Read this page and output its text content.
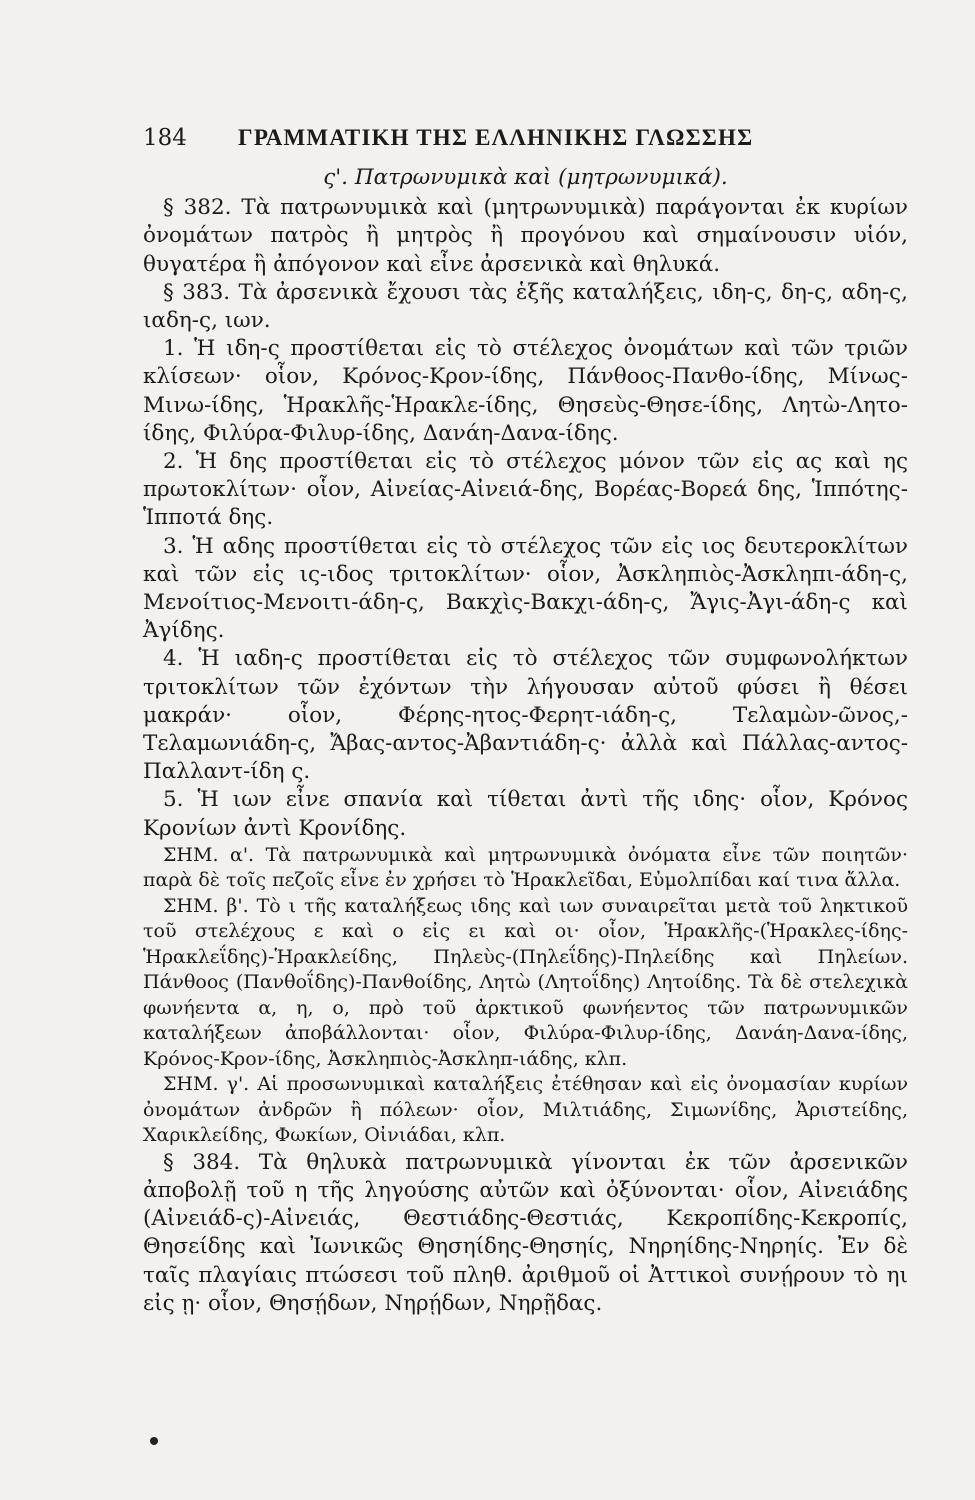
184	ΓΡΑΜΜΑΤΙΚΗ ΤΗΣ ΕΛΛΗΝΙΚΗΣ ΓΛΩΣΣΗΣ
ς'. Πατρωνυμικὰ καὶ (μητρωνυμικά).

§ 382. Τὰ πατρωνυμικὰ καὶ (μητρωνυμικὰ) παράγονται ἐκ κυρίων ὀνομάτων πατρὸς ἢ μητρὸς ἢ προγόνου καὶ σημαίνουσιν υἱόν, θυγατέρα ἢ ἀπόγονον καὶ εἶνε ἀρσενικὰ καὶ θηλυκά.

§ 383. Τὰ ἀρσενικὰ ἔχουσι τὰς ἑξῆς καταλήξεις, ιδη-ς, δη-ς, αδη-ς, ιαδη-ς, ιων.

1. Ἡ ιδη-ς προστίθεται εἰς τὸ στέλεχος ὀνομάτων καὶ τῶν τριῶν κλίσεων· οἷον, Κρόνος-Κρον-ίδης, Πάνθοος-Πανθο-ίδης, Μίνως-Μινω-ίδης, Ἡρακλῆς-Ἡρακλε-ίδης, Θησεὺς-Θησε-ίδης, Λητὼ-Λητο-ίδης, Φιλύρα-Φιλυρ-ίδης, Δανάη-Δανα-ίδης.

2. Ἡ δης προστίθεται εἰς τὸ στέλεχος μόνον τῶν εἰς ας καὶ ης πρωτοκλίτων· οἷον, Αἰνείας-Αἰνειά-δης, Βορέας-Βορεά δης, Ἱππότης-Ἱπποτά δης.

3. Ἡ αδης προστίθεται εἰς τὸ στέλεχος τῶν εἰς ιος δευτεροκλίτων καὶ τῶν εἰς ις-ιδος τριτοκλίτων· οἷον, Ἀσκληπιὸς-Ἀσκληπι-άδη-ς, Μενοίτιος-Μενοιτι-άδη-ς, Βακχὶς-Βακχι-άδη-ς, Ἄγις-Ἀγι-άδη-ς καὶ Ἀγίδης.

4. Ἡ ιαδη-ς προστίθεται εἰς τὸ στέλεχος τῶν συμφωνολήκτων τριτοκλίτων τῶν ἐχόντων τὴν λήγουσαν αὐτοῦ φύσει ἢ θέσει μακράν· οἷον, Φέρης-ητος-Φερητ-ιάδη-ς, Τελαμὼν-ῶνος,-Τελαμωνιάδη-ς, Ἄβας-αντος-Ἀβαντιάδη-ς· ἀλλὰ καὶ Πάλλας-αντος-Παλλαντ-ίδη ς.

5. Ἡ ιων εἶνε σπανία καὶ τίθεται ἀντὶ τῆς ιδης· οἷον, Κρόνος Κρονίων ἀντὶ Κρονίδης.

ΣΗΜ. α'. Τὰ πατρωνυμικὰ καὶ μητρωνυμικὰ ὀνόματα εἶνε τῶν ποιητῶν· παρὰ δὲ τοῖς πεζοῖς εἶνε ἐν χρήσει τὸ Ἡρακλεῖδαι, Εὐμολπίδαι καί τινα ἄλλα.

ΣΗΜ. β'. Τὸ ι τῆς καταλήξεως ιδης καὶ ιων συναιρεῖται μετὰ τοῦ ληκτικοῦ τοῦ στελέχους ε καὶ ο εἰς ει καὶ οι· οἷον, Ἡρακλῆς-(Ἡρακλες-ίδης-Ἡρακλεΐδης)-Ἡρακλείδης, Πηλεὺς-(Πηλεΐδης)-Πηλείδης καὶ Πηλείων. Πάνθοος (Πανθοΐδης)-Πανθοίδης, Λητὼ (Λητοΐδης) Λητοίδης. Τὰ δὲ στελεχικὰ φωνήεντα α, η, ο, πρὸ τοῦ ἀρκτικοῦ φωνήεντος τῶν πατρωνυμικῶν καταλήξεων ἀποβάλλονται· οἷον, Φιλύρα-Φιλυρ-ίδης, Δανάη-Δανα-ίδης, Κρόνος-Κρον-ίδης, Ἀσκληπιὸς-Ἀσκληπ-ιάδης, κλπ.

ΣΗΜ. γ'. Αἱ προσωνυμικαὶ καταλήξεις ἐτέθησαν καὶ εἰς ὀνομασίαν κυρίων ὀνομάτων ἀνδρῶν ἢ πόλεων· οἷον, Μιλτιάδης, Σιμωνίδης, Ἀριστείδης, Χαρικλείδης, Φωκίων, Οἰνιάδαι, κλπ.

§ 384. Τὰ θηλυκὰ πατρωνυμικὰ γίνονται ἐκ τῶν ἀρσενικῶν ἀποβολῇ τοῦ η τῆς ληγούσης αὐτῶν καὶ ὀξύνονται· οἷον, Αἰνειάδης (Αἰνειάδ-ς)-Αἰνειάς, Θεστιάδης-Θεστιάς, Κεκροπίδης-Κεκροπίς, Θησείδης καὶ Ἰωνικῶς Θησηίδης-Θησηίς, Νηρηίδης-Νηρηίς. Ἐν δὲ ταῖς πλαγίαις πτώσεσι τοῦ πληθ. ἀριθμοῦ οἱ Ἀττικοὶ συνῄρουν τὸ ηι εἰς ῃ· οἷον, Θησῄδων, Νηρῄδων, Νηρῇδας.
